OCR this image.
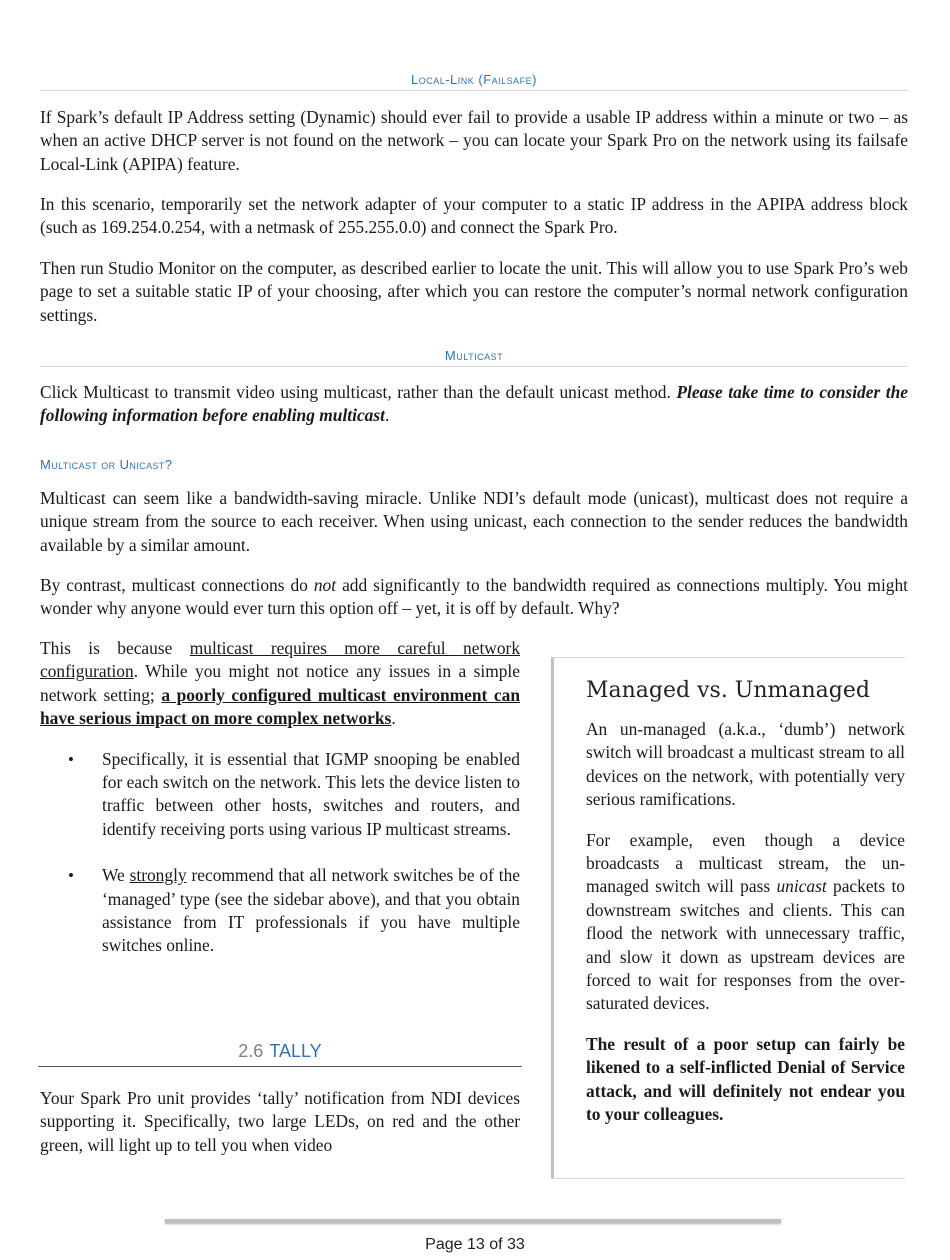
Local-Link (Failsafe)

If Spark’s default IP Address setting (Dynamic) should ever fail to provide a usable IP address within a minute or two – as when an active DHCP server is not found on the network – you can locate your Spark Pro on the network using its failsafe Local-Link (APIPA) feature.

In this scenario, temporarily set the network adapter of your computer to a static IP address in the APIPA address block (such as 169.254.0.254, with a netmask of 255.255.0.0) and connect the Spark Pro.

Then run Studio Monitor on the computer, as described earlier to locate the unit. This will allow you to use Spark Pro’s web page to set a suitable static IP of your choosing, after which you can restore the computer’s normal network configuration settings.

Multicast

Click Multicast to transmit video using multicast, rather than the default unicast method. Please take time to consider the following information before enabling multicast.

Multicast or Unicast?

Multicast can seem like a bandwidth-saving miracle. Unlike NDI’s default mode (unicast), multicast does not require a unique stream from the source to each receiver. When using unicast, each connection to the sender reduces the bandwidth available by a similar amount.

By contrast, multicast connections do not add significantly to the bandwidth required as connections multiply. You might wonder why anyone would ever turn this option off – yet, it is off by default. Why?

This is because multicast requires more careful network configuration. While you might not notice any issues in a simple network setting; a poorly configured multicast environment can have serious impact on more complex networks.

• Specifically, it is essential that IGMP snooping be enabled for each switch on the network. This lets the device listen to traffic between other hosts, switches and routers, and identify receiving ports using various IP multicast streams.
• We strongly recommend that all network switches be of the ‘managed’ type (see the sidebar above), and that you obtain assistance from IT professionals if you have multiple switches online.
2.6 TALLY

Your Spark Pro unit provides ‘tally’ notification from NDI devices supporting it. Specifically, two large LEDs, on red and the other green, will light up to tell you when video

Managed vs. Unmanaged

An un-managed (a.k.a., ‘dumb’) network switch will broadcast a multicast stream to all devices on the network, with potentially very serious ramifications.

For example, even though a device broadcasts a multicast stream, the un-managed switch will pass unicast packets to downstream switches and clients. This can flood the network with unnecessary traffic, and slow it down as upstream devices are forced to wait for responses from the over-saturated devices.

The result of a poor setup can fairly be likened to a self-inflicted Denial of Service attack, and will definitely not endear you to your colleagues.

Page 13 of 33
